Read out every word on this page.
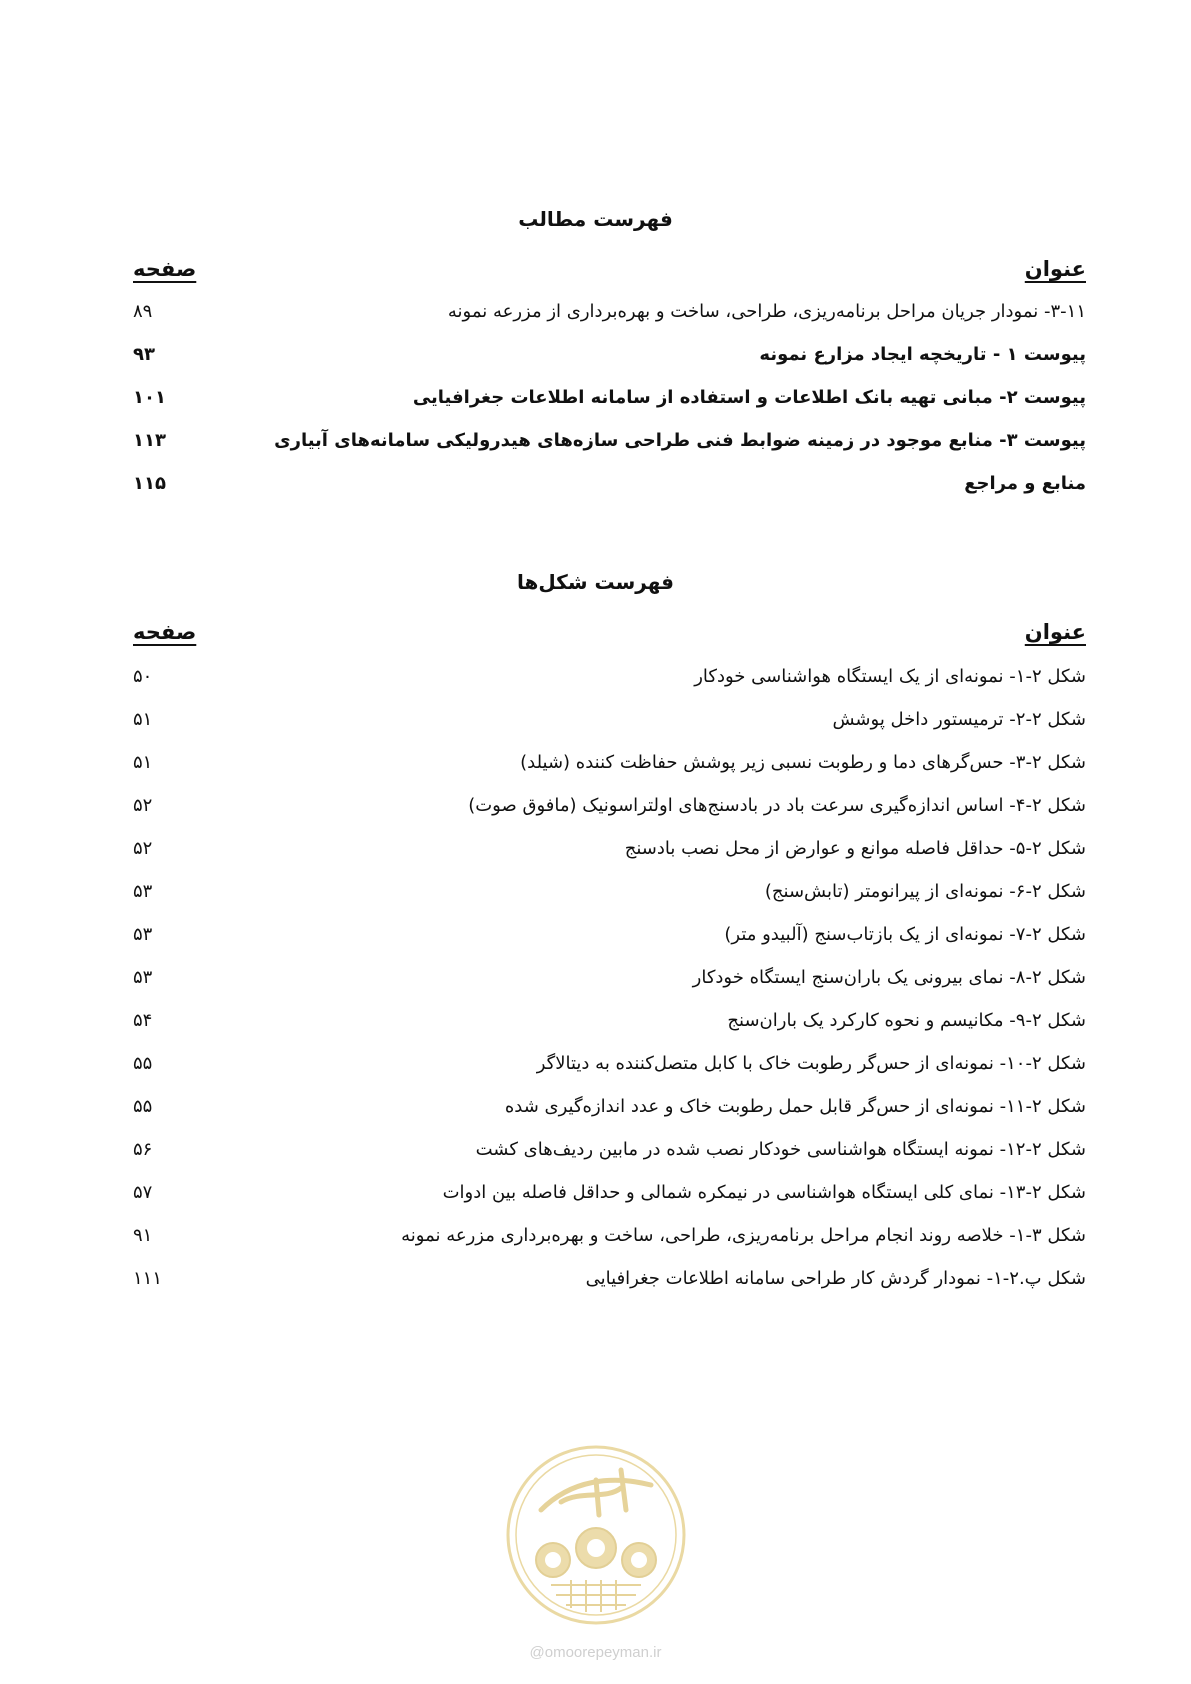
فهرست مطالب
عنوان
صفحه
۳-۱۱- نمودار جریان مراحل برنامه‌ریزی، طراحی، ساخت و بهره‌برداری از مزرعه نمونه
۸۹
پیوست ۱ - تاریخچه ایجاد مزارع نمونه
۹۳
پیوست ۲- مبانی تهیه بانک اطلاعات و استفاده از سامانه اطلاعات جغرافیایی
۱۰۱
پیوست ۳- منابع موجود در زمینه ضوابط فنی طراحی سازه‌های هیدرولیکی سامانه‌های آبیاری
۱۱۳
منابع و مراجع
۱۱۵
فهرست شکل‌ها
عنوان
صفحه
شکل ۲-۱- نمونه‌ای از یک ایستگاه هواشناسی خودکار
۵۰
شکل ۲-۲- ترمیستور داخل پوشش
۵۱
شکل ۲-۳- حس‌گرهای دما و رطوبت نسبی زیر پوشش حفاظت کننده (شیلد)
۵۱
شکل ۲-۴- اساس اندازه‌گیری سرعت باد در بادسنج‌های اولتراسونیک (مافوق صوت)
۵۲
شکل ۲-۵- حداقل فاصله موانع و عوارض از محل نصب بادسنج
۵۲
شکل ۲-۶- نمونه‌ای از پیرانومتر (تابش‌سنج)
۵۳
شکل ۲-۷- نمونه‌ای از یک بازتاب‌سنج (آلبیدو متر)
۵۳
شکل ۲-۸- نمای بیرونی یک باران‌سنج ایستگاه خودکار
۵۳
شکل ۲-۹- مکانیسم و نحوه کارکرد یک باران‌سنج
۵۴
شکل ۲-۱۰- نمونه‌ای از حس‌گر رطوبت خاک با کابل متصل‌کننده به دیتالاگر
۵۵
شکل ۲-۱۱- نمونه‌ای از حس‌گر قابل حمل رطوبت خاک و عدد اندازه‌گیری شده
۵۵
شکل ۲-۱۲- نمونه ایستگاه هواشناسی خودکار نصب شده در مابین ردیف‌های کشت
۵۶
شکل ۲-۱۳- نمای کلی ایستگاه هواشناسی در نیمکره شمالی و حداقل فاصله بین ادوات
۵۷
شکل ۳-۱- خلاصه روند انجام مراحل برنامه‌ریزی، طراحی، ساخت و بهره‌برداری مزرعه نمونه
۹۱
شکل پ.۲-۱- نمودار گردش کار طراحی سامانه اطلاعات جغرافیایی
۱۱۱
@omoorepeyman.ir
